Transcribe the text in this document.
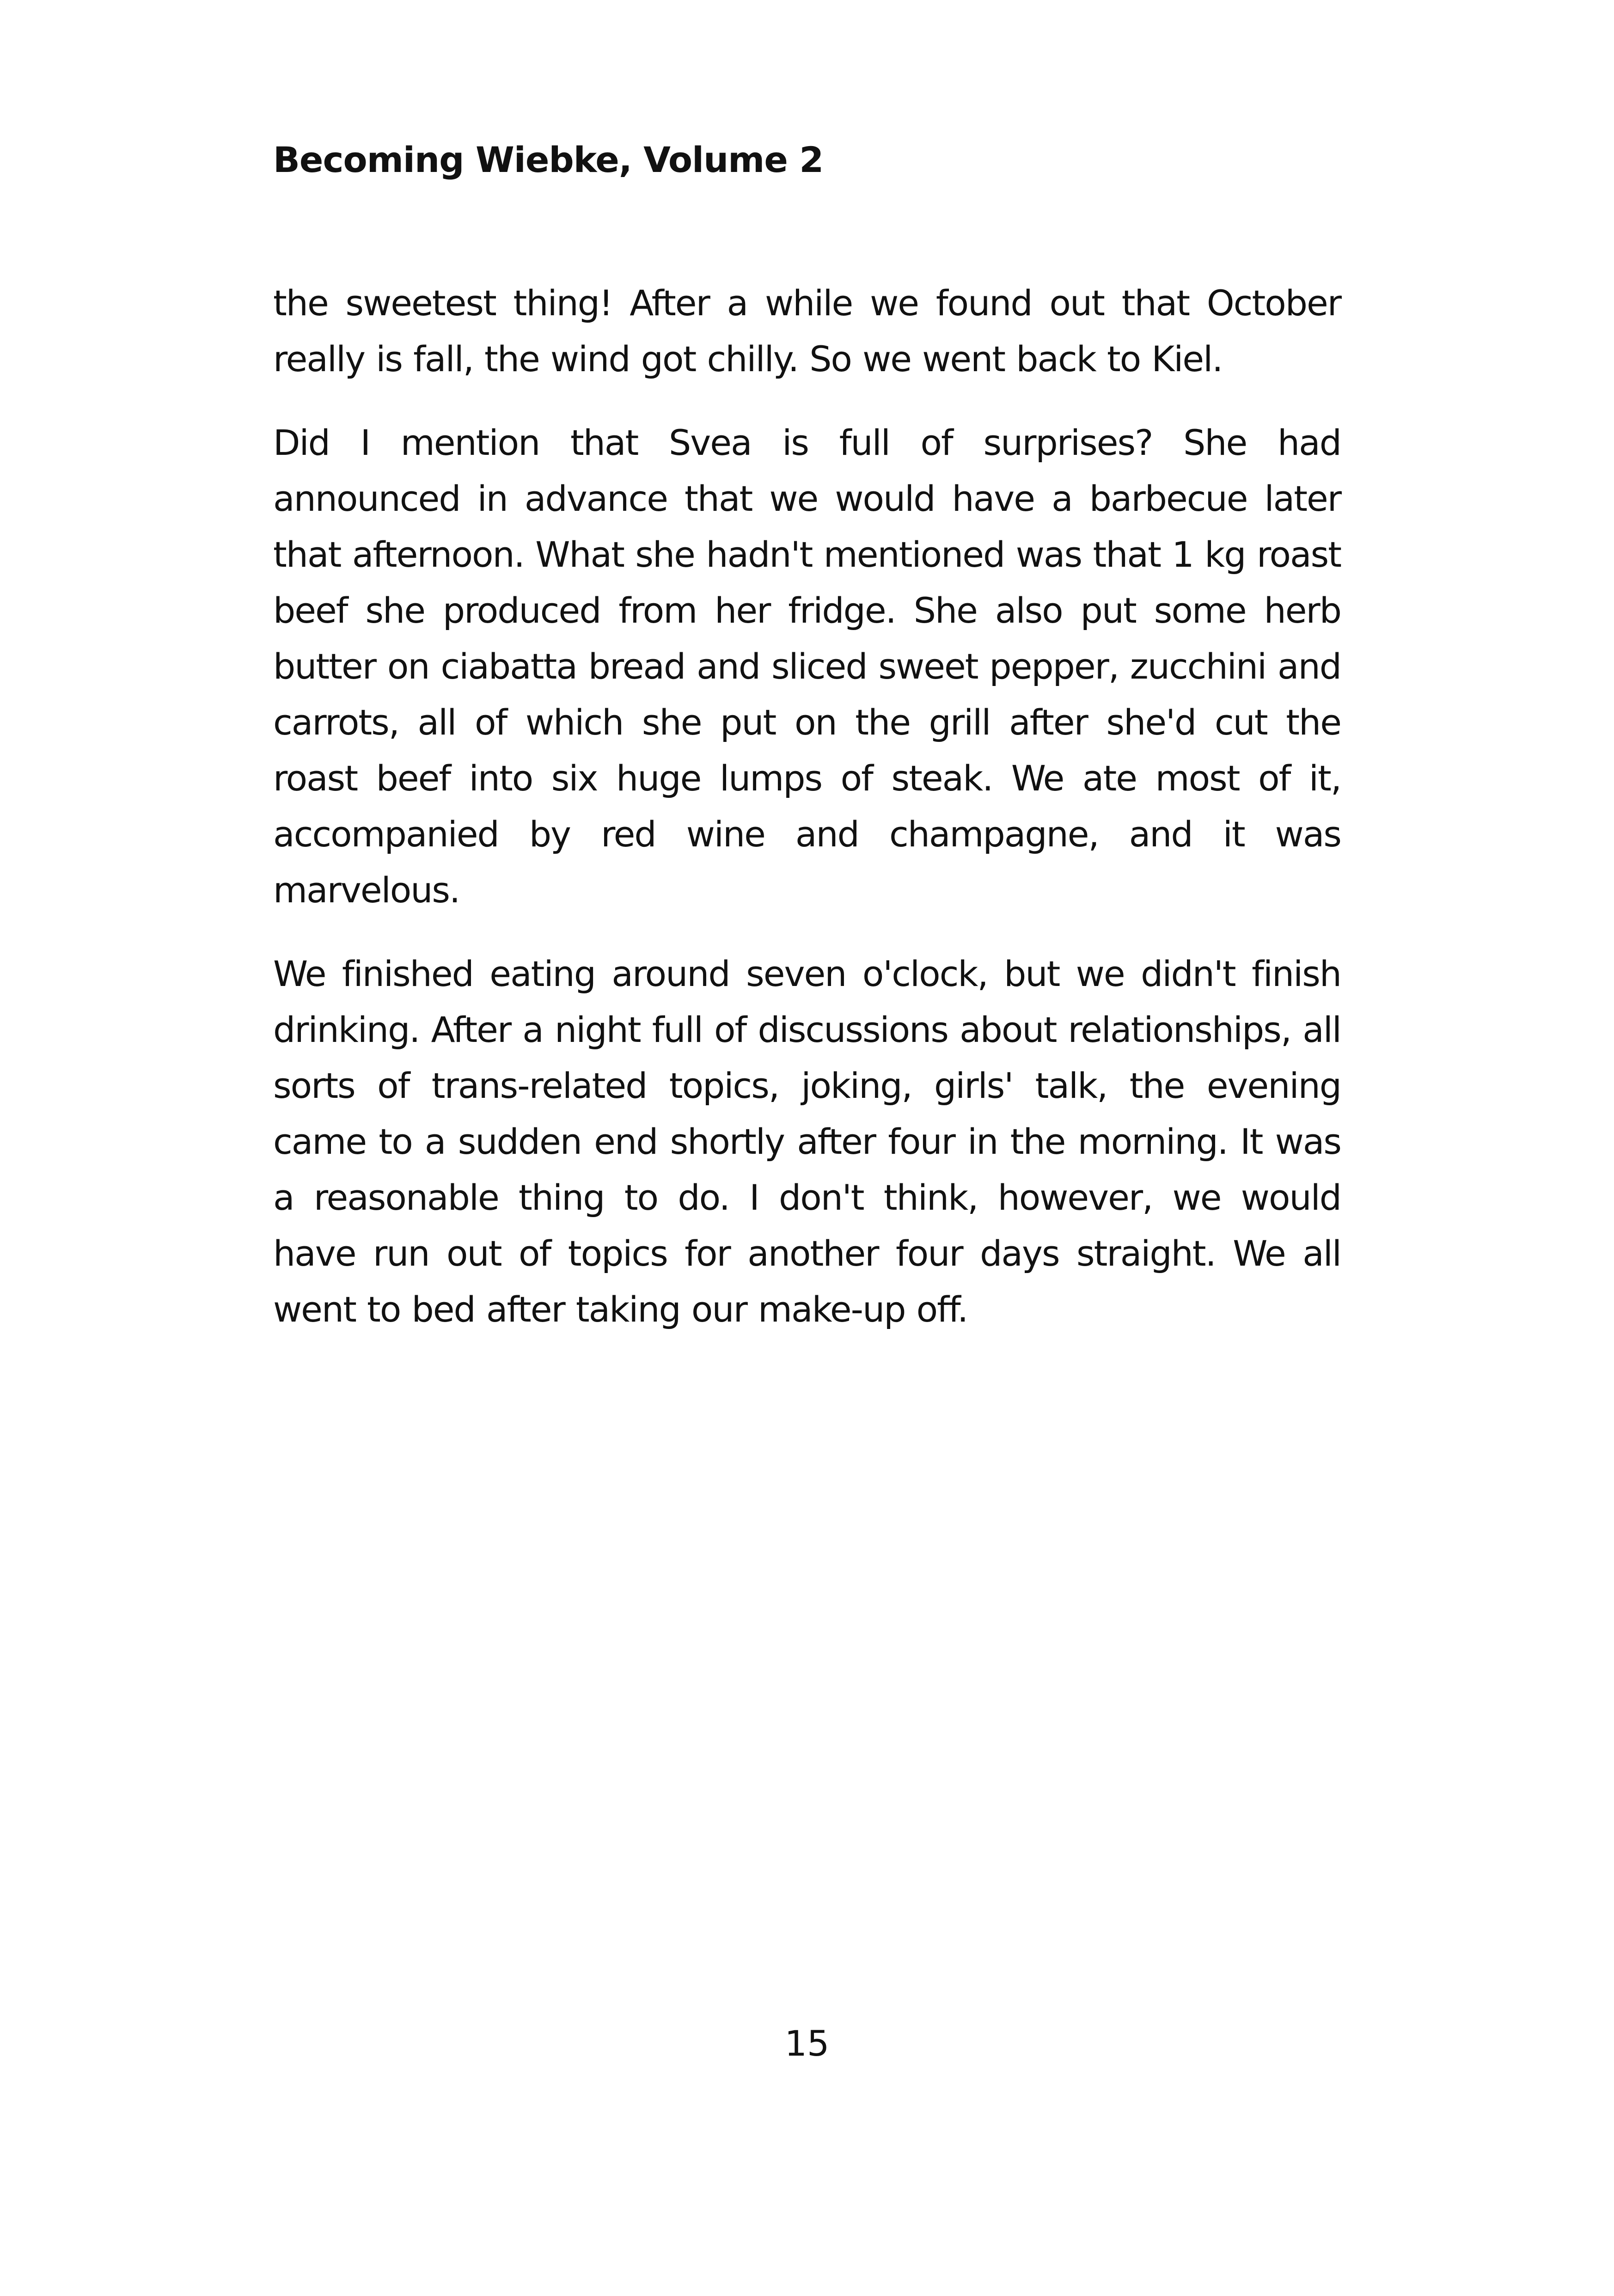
Becoming Wiebke, Volume 2

the sweetest thing! After a while we found out that October really is fall, the wind got chilly. So we went back to Kiel.

Did I mention that Svea is full of surprises? She had announced in advance that we would have a barbecue later that afternoon. What she hadn't mentioned was that 1 kg roast beef she produced from her fridge. She also put some herb butter on ciabatta bread and sliced sweet pepper, zucchini and carrots, all of which she put on the grill after she'd cut the roast beef into six huge lumps of steak. We ate most of it, accompanied by red wine and champagne, and it was marvelous.

We finished eating around seven o'clock, but we didn't finish drinking. After a night full of discussions about relationships, all sorts of trans-related topics, joking, girls' talk, the evening came to a sudden end shortly after four in the morning. It was a reasonable thing to do. I don't think, however, we would have run out of topics for another four days straight. We all went to bed after taking our make-up off.

15
